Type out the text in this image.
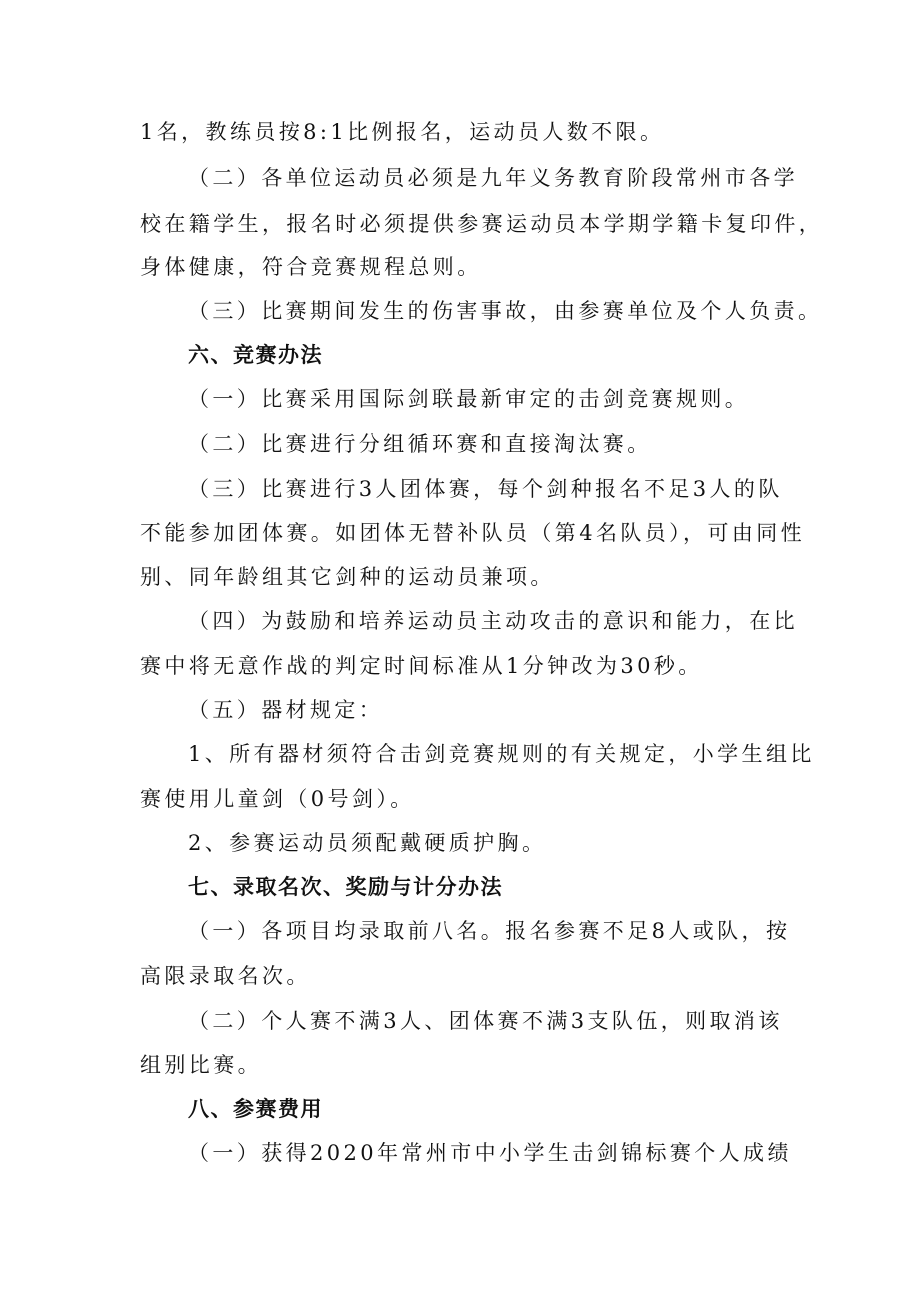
1名，教练员按8:1比例报名，运动员人数不限。
（二）各单位运动员必须是九年义务教育阶段常州市各学
校在籍学生，报名时必须提供参赛运动员本学期学籍卡复印件，
身体健康，符合竞赛规程总则。
（三）比赛期间发生的伤害事故，由参赛单位及个人负责。
六、竞赛办法
（一）比赛采用国际剑联最新审定的击剑竞赛规则。
（二）比赛进行分组循环赛和直接淘汰赛。
（三）比赛进行3人团体赛，每个剑种报名不足3人的队
不能参加团体赛。如团体无替补队员（第4名队员），可由同性
别、同年龄组其它剑种的运动员兼项。
（四）为鼓励和培养运动员主动攻击的意识和能力，在比
赛中将无意作战的判定时间标准从1分钟改为30秒。
（五）器材规定：
1、所有器材须符合击剑竞赛规则的有关规定，小学生组比
赛使用儿童剑（0号剑）。
2、参赛运动员须配戴硬质护胸。
七、录取名次、奖励与计分办法
（一）各项目均录取前八名。报名参赛不足8人或队，按
高限录取名次。
（二）个人赛不满3人、团体赛不满3支队伍，则取消该
组别比赛。
八、参赛费用
（一）获得2020年常州市中小学生击剑锦标赛个人成绩
